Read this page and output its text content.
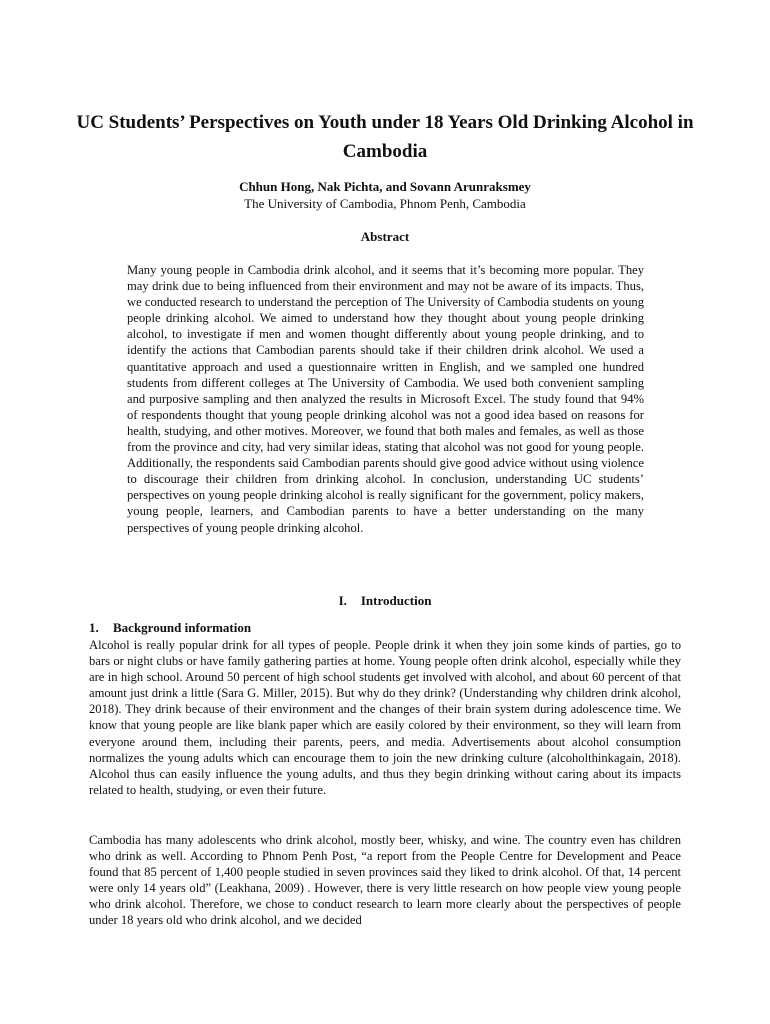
UC Students’ Perspectives on Youth under 18 Years Old Drinking Alcohol in Cambodia

Chhun Hong, Nak Pichta, and Sovann Arunraksmey

The University of Cambodia, Phnom Penh, Cambodia

Abstract

Many young people in Cambodia drink alcohol, and it seems that it’s becoming more popular. They may drink due to being influenced from their environment and may not be aware of its impacts. Thus, we conducted research to understand the perception of The University of Cambodia students on young people drinking alcohol. We aimed to understand how they thought about young people drinking alcohol, to investigate if men and women thought differently about young people drinking, and to identify the actions that Cambodian parents should take if their children drink alcohol. We used a quantitative approach and used a questionnaire written in English, and we sampled one hundred students from different colleges at The University of Cambodia. We used both convenient sampling and purposive sampling and then analyzed the results in Microsoft Excel. The study found that 94% of respondents thought that young people drinking alcohol was not a good idea based on reasons for health, studying, and other motives. Moreover, we found that both males and females, as well as those from the province and city, had very similar ideas, stating that alcohol was not good for young people. Additionally, the respondents said Cambodian parents should give good advice without using violence to discourage their children from drinking alcohol. In conclusion, understanding UC students’ perspectives on young people drinking alcohol is really significant for the government, policy makers, young people, learners, and Cambodian parents to have a better understanding on the many perspectives of young people drinking alcohol.

I. Introduction
1. Background information

Alcohol is really popular drink for all types of people. People drink it when they join some kinds of parties, go to bars or night clubs or have family gathering parties at home. Young people often drink alcohol, especially while they are in high school. Around 50 percent of high school students get involved with alcohol, and about 60 percent of that amount just drink a little (Sara G. Miller, 2015). But why do they drink? (Understanding why children drink alcohol, 2018). They drink because of their environment and the changes of their brain system during adolescence time. We know that young people are like blank paper which are easily colored by their environment, so they will learn from everyone around them, including their parents, peers, and media. Advertisements about alcohol consumption normalizes the young adults which can encourage them to join the new drinking culture (alcoholthinkagain, 2018). Alcohol thus can easily influence the young adults, and thus they begin drinking without caring about its impacts related to health, studying, or even their future.

Cambodia has many adolescents who drink alcohol, mostly beer, whisky, and wine. The country even has children who drink as well. According to Phnom Penh Post, “a report from the People Centre for Development and Peace found that 85 percent of 1,400 people studied in seven provinces said they liked to drink alcohol. Of that, 14 percent were only 14 years old” (Leakhana, 2009) . However, there is very little research on how people view young people who drink alcohol. Therefore, we chose to conduct research to learn more clearly about the perspectives of people under 18 years old who drink alcohol, and we decided
